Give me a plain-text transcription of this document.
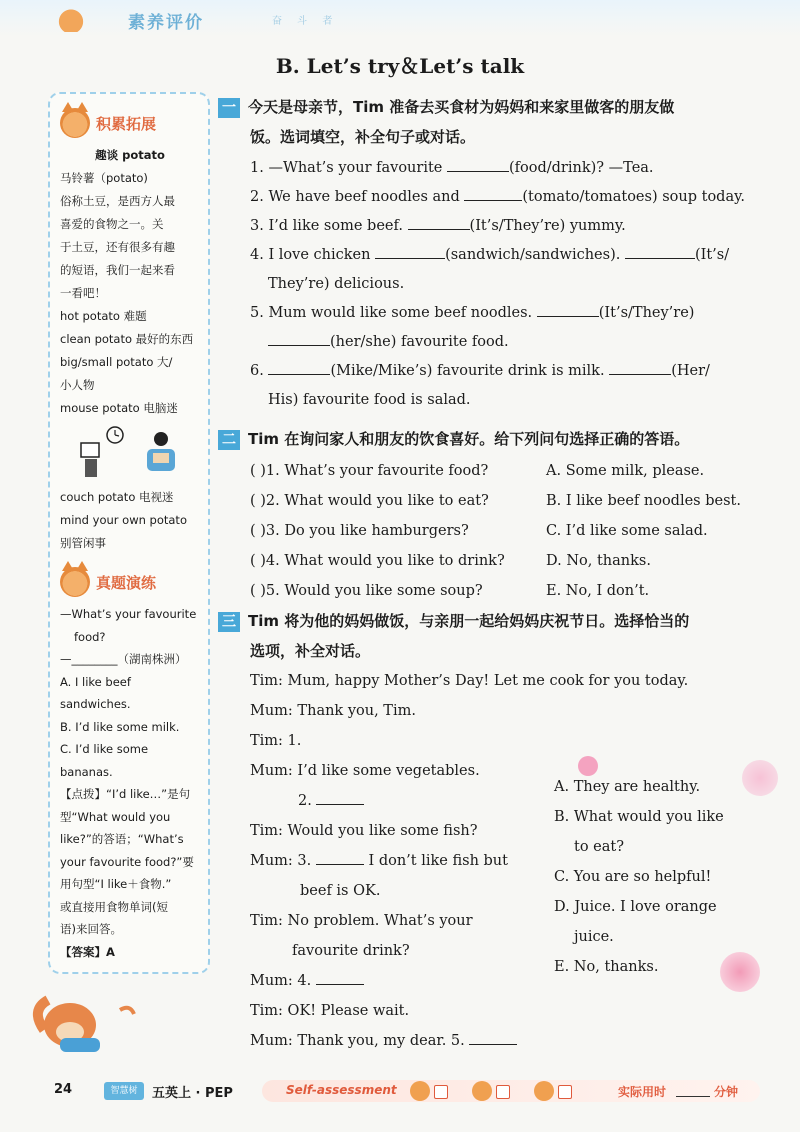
素养评价	奋 斗 者
B. Let’s try＆Let’s talk
积累拓展
趣谈 potato
马铃薯（potato)
俗称土豆，是西方人最
喜爱的食物之一。关
于土豆，还有很多有趣
的短语，我们一起来看
一看吧！
hot potato 难题
clean potato 最好的东西
big/small potato 大/
小人物
mouse potato 电脑迷
couch potato 电视迷
mind your own potato
别管闲事
真题演练
—What’s your favourite
food?
—________（湖南株洲）
A. I like beef sandwiches.
B. I’d like some milk.
C. I’d like some bananas.
【点拨】“I’d like…”是句
型“What would you
like?”的答语；“What’s
your favourite food?”要
用句型“I like＋食物.”
或直接用食物单词(短
语)来回答。
【答案】A
一 今天是母亲节，Tim 准备去买食材为妈妈和来家里做客的朋友做
饭。选词填空，补全句子或对话。
1. —What’s your favourite	(food/drink)? —Tea.
2. We have beef noodles and	(tomato/tomatoes) soup today.
3. I’d like some beef.	(It’s/They’re) yummy.
4. I love chicken	(sandwich/sandwiches).	(It’s/
They’re) delicious.
5. Mum would like some beef noodles.	(It’s/They’re)
(her/she) favourite food.
6.	(Mike/Mike’s) favourite drink is milk.	(Her/
His) favourite food is salad.
二 Tim 在询问家人和朋友的饮食喜好。给下列问句选择正确的答语。
( )1. What’s your favourite food?	A. Some milk, please.
( )2. What would you like to eat?	B. I like beef noodles best.
( )3. Do you like hamburgers?	C. I’d like some salad.
( )4. What would you like to drink?	D. No, thanks.
( )5. Would you like some soup?	E. No, I don’t.
三 Tim 将为他的妈妈做饭，与亲朋一起给妈妈庆祝节日。选择恰当的
选项，补全对话。
Tim: Mum, happy Mother’s Day! Let me cook for you today.
Mum: Thank you, Tim.
Tim: 1.
Mum: I’d like some vegetables.
2.
Tim: Would you like some fish?
Mum: 3.	I don’t like fish but
beef is OK.
Tim: No problem. What’s your
favourite drink?
Mum: 4.
Tim: OK! Please wait.
Mum: Thank you, my dear. 5.
A. They are healthy.
B. What would you like
to eat?
C. You are so helpful!
D. Juice. I love orange
juice.
E. No, thanks.
24	智慧树	五英上 · PEP	Self-assessment	实际用时	分钟
